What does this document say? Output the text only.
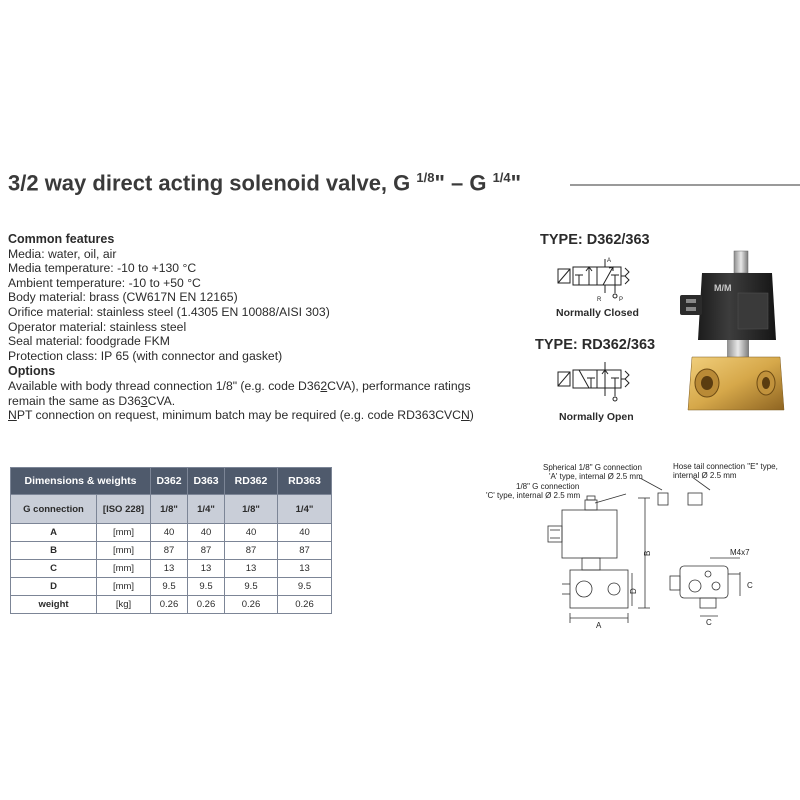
3/2 way direct acting solenoid valve, G $^{1/8}$" – G $^{1/4}$"
Common features
Media: water, oil, air
Media temperature: -10 to +130 °C
Ambient temperature: -10 to +50 °C
Body material: brass (CW617N EN 12165)
Orifice material: stainless steel (1.4305 EN 10088/AISI 303)
Operator material: stainless steel
Seal material: foodgrade FKM
Protection class: IP 65 (with connector and gasket)
Options
Available with body thread connection 1/8" (e.g. code D362CVA), performance ratings
remain the same as D363CVA.
NPT connection on request, minimum batch may be required (e.g. code RD363CVCN)
TYPE: D362/363
A
R	P
Normally Closed
TYPE: RD362/363
Normally Open
M/M
Dimensions & weights		D362	D363	RD362	RD363
G connection	[ISO 228]	1/8"	1/4"	1/8"	1/4"
A	[mm]	40	40	40	40
B	[mm]	87	87	87	87
C	[mm]	13	13	13	13
D	[mm]	9.5	9.5	9.5	9.5
weight	[kg]	0.26	0.26	0.26	0.26
Spherical 1/8" G connection
'A' type, internal Ø 2.5 mm
Hose tail connection "E" type,
internal Ø 2.5 mm
1/8" G connection
'C' type, internal Ø 2.5 mm
B
D
A
C
C
M4x7
